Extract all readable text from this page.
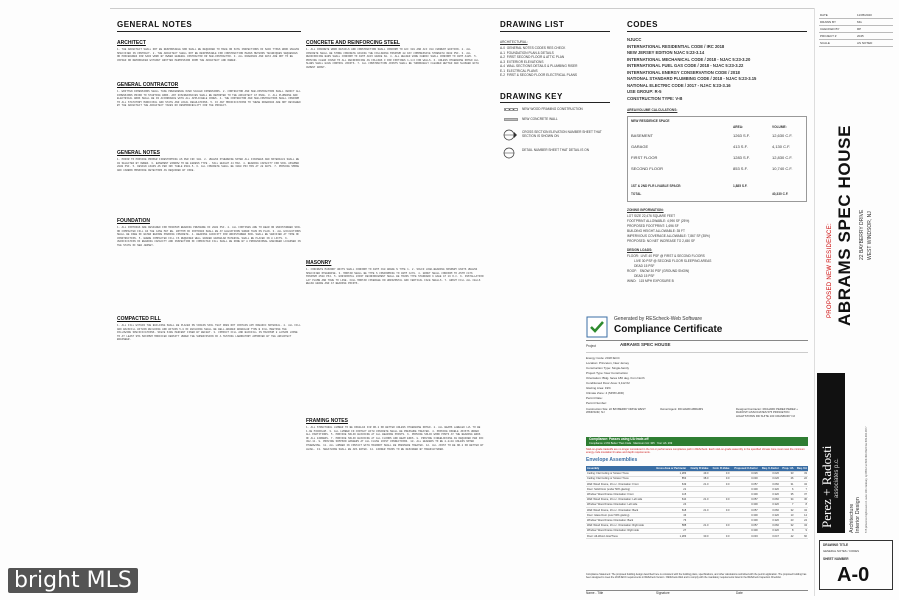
GENERAL NOTES
ARCHITECT
1. THE ARCHITECT SHALL NOT BE RESPONSIBLE NOR SHALL BE REQUIRED TO MAKE ON SITE INSPECTIONS OF SAID TYPES WORK UNLESS SPECIFIED IN CONTRACT. 2. THE ARCHITECT SHALL NOT BE RESPONSIBLE FOR CONSTRUCTION MEANS METHODS TECHNIQUES SEQUENCES OR PROCEDURES FOR SAID WORK BY OWNER GENERAL CONTRACTOR OR SUB-CONTRACTOR. 3. ALL DRAWINGS AND DATA ARE NOT TO BE COPIED OR REPRODUCED WITHOUT WRITTEN PERMISSION FROM THE ARCHITECT AND OWNER.
GENERAL CONTRACTOR
1. WRITTEN DIMENSIONS SHALL TAKE PREFERENCE OVER SCALED DIMENSIONS. 2. CONTRACTOR AND SUB-CONTRACTORS SHALL VERIFY ALL DIMENSIONS PRIOR TO STARTING WORK. ANY DISCREPANCIES SHALL BE REPORTED TO THE ARCHITECT AT ONCE. 3. ALL PLUMBING AND ELECTRICAL WORK SHALL BE IN ACCORDANCE WITH ALL APPLICABLE CODES. 4. THE CONTRACTOR AND SUB-CONTRACTORS SHALL CONFORM TO ALL STATUTORY MUNICIPAL AND STATE AND LOCAL REGULATIONS. 5. IF ANY MODIFICATIONS TO THESE DRAWINGS ARE NOT REVIEWED BY THE ARCHITECT THE ARCHITECT TAKES NO RESPONSIBILITY FOR THE PROJECT.
GENERAL NOTES
1. PRIOR TO PROVIDE PROPER FIRESTOPPING AS PER IRC 302. 2. UNLESS OTHERWISE NOTED ALL FINISHES AND MATERIALS SHALL BE AS SELECTED BY OWNER. 3. BASEMENT WINDOW TO BE EGRESS TYPE - SILL HEIGHT 44 MAX. 4. BEARING CAPACITY FOR SOIL ASSUMED 2000 PSF. 5. DESIGN LOADS AS PER IRC TABLE R301.5. 6. ALL CONCRETE SHALL BE 3000 PSI MIN AT 28 DAYS. 7. PROVIDE SMOKE AND CARBON MONOXIDE DETECTORS AS REQUIRED BY CODE.
FOUNDATION
1. ALL FOOTINGS ARE DESIGNED FOR MINIMUM BEARING PRESSURE OF 2000 PSF. 2. ALL FOOTINGS ARE TO BEAR ON UNDISTURBED SOIL OR COMPACTED FILL AS THE CASE MAY BE. BOTTOM OF FOOTINGS SHALL BE AT ELEVATIONS SHOWN THUS ON PLAN. 3. ALL EXCAVATIONS SHALL BE FREE OF WATER BEFORE POURING CONCRETE. 4. BEARING CAPACITY FOR UNDISTURBED SOIL SHALL BE VERIFIED AT TIME OF CONSTRUCTION. 5. WHERE COMPACTED FILL IS REQUIRED WELL GRADED GRANULAR MATERIAL SHALL BE PLACED IN 8 LIFTS. 6. VERIFICATION OF BEARING CAPACITY AND INSPECTION OF COMPACTED FILL SHALL BE DONE BY A PROFESSIONAL ENGINEER LICENSED IN THE STATE OF NEW JERSEY.
COMPACTED FILL
1. ALL FILL WITHIN THE BUILDING SHALL BE PLACED ON VIRGIN SOIL THAT DOES NOT CONTAIN ANY ORGANIC MATERIAL. 2. ALL FILL AND BACKFILL WITHIN BUILDING AND WITHIN 5-0 OF BUILDING SHALL BE WELL-GRADED GRANULAR TYPE B FILL MEETING THE FOLLOWING SPECIFICATIONS. SIEVE SIZE PERCENT FINER BY WEIGHT. 3. COMPACT FILL AND BACKFILL IN MAXIMUM 8 LAYERS LOOSE TO AT LEAST 95% MAXIMUM MODIFIED DENSITY UNDER THE SUPERVISION OF A TESTING LABORATORY APPROVED BY THE ARCHITECT ENGINEER.
CONCRETE AND REINFORCING STEEL
1. ALL CONCRETE WORK DETAILS AND CONSTRUCTION SHALL CONFORM TO ACI 301 AND ACI 318 CURRENT EDITION. 2. ALL CONCRETE SHALL BE STONE CONCRETE HAVING THE FOLLOWING MINIMUM 28 DAY COMPRESSIVE STRENGTH 3000 PSI. 3. ALL REINFORCING BARS SHALL CONFORM TO ASTM A615 GRADE 60. 4. ALL WELDED WIRE FABRIC SHALL CONFORM TO ASTM A185. 5. PROVIDE CLEAR COVER TO ALL REINFORCING AS FOLLOWS 3 FOR FOOTINGS 1-1/2 FOR WALLS. 6. UNLESS OTHERWISE NOTED ALL SLABS SHALL HAVE CONTROL JOINTS. 7. ALL CONSTRUCTION JOINTS SHALL BE THOROUGHLY CLEANED WETTED AND SLUSHED WITH CEMENT GROUT.
MASONRY
1. CONCRETE MASONRY UNITS SHALL CONFORM TO ASTM C90 GRADE N TYPE 1. 2. SOLID LOAD-BEARING MASONRY UNITS UNLESS SPECIFIED OTHERWISE. 3. MORTAR SHALL BE TYPE S CONFORMING TO ASTM C270. 4. GROUT SHALL CONFORM TO ASTM C476 MINIMUM 2500 PSI. 5. HORIZONTAL JOINT REINFORCEMENT SHALL BE TRUSS TYPE STANDARD 9 GAGE AT 16 O.C. 6. INSTALLATION LAY PLUMB AND TRUE TO LINE. FULL MORTAR COVERAGE ON HORIZONTAL AND VERTICAL FACE SHELLS. 7. GROUT FILL ALL CELLS BELOW GRADE AND AT BEARING POINTS.
FRAMING NOTES
1. ALL STRUCTURAL LUMBER TO BE DOUGLAS FIR NO.2 OR BETTER UNLESS OTHERWISE NOTED. 2. ALL BEAMS LABELED LVL TO BE 1.9E MICROLAM. 3. ALL LUMBER IN CONTACT WITH CONCRETE SHALL BE PRESSURE TREATED. 4. PROVIDE DOUBLE JOISTS UNDER ALL PARTITIONS. 5. PROVIDE SOLID BLOCKING AT ALL BEARING POINTS. 6. PROVIDE SOLID WOOD POSTS AT THE BEARING ENDS OF ALL GIRDERS. 7. PROVIDE SOLID BLOCKING AT ALL FLOORS AND BEAM ENDS. 8. PROVIDE FIREBLOCKING AS REQUIRED PER IRC 302.11. 9. PROVIDE SIMPSON HANGERS AT ALL FLUSH JOIST CONNECTIONS. 10. ALL HEADERS TO BE 2-2x10 UNLESS NOTED OTHERWISE. 11. ALL LUMBER IN CONTACT WITH MASONRY SHALL BE PRESSURE TREATED. 12. ALL JOIST TO BE NO.2 OR BETTER BY LEVEL. 13. SHEATHING SHALL BE APA RATED. 14. GIRDER TRUSS TO BE DESIGNED BY MANUFACTURER.
DRAWING LIST
ARCHITECTURAL:
A-0  GENERAL NOTES CODES RES CHECK
A-1  FOUNDATION PLAN & DETAILS
A-2  FIRST SECOND FLOOR & ATTIC PLAN
A-3  EXTERIOR ELEVATIONS
A-4  WALL SECTIONS DETAILS & PLUMBING RISER
E-1  ELECTRICAL PLANS
E-2  FIRST & SECOND FLOOR ELECTRICAL PLANS
DRAWING KEY
NEW WOOD FRAMING CONSTRUCTION
NEW CONCRETE WALL
CROSS SECTION ELEVATION NUMBER SHEET THAT SECTION IS SHOWN ON
DETAIL NUMBER SHEET THAT DETAIL IS ON
CODES
NJUCC
INTERNATIONAL RESIDENTIAL CODE / IRC 2018
NEW JERSEY EDITION NJAC 5:23-3.14
INTERNATIONAL MECHANICAL CODE / 2018 - NJAC 5:23-3.20
INTERNATIONAL FUEL GAS CODE / 2018 - NJAC 5:23-3.22
INTERNATIONAL ENERGY CONSERVATION CODE / 2018
NATIONAL STANDARD PLUMBING CODE / 2018 - NJAC 5:23-3.15
NATIONAL ELECTRIC CODE / 2017 - NJAC 5:23-3.16
USE GROUP: R-5
CONSTRUCTION TYPE: V-B
AREA/VOLUME CALCULATIONS:
NEW RESIDENCE SPACE
AREA:	VOLUME:
BASEMENT	1263 S.F.	12,630 C.F.
GARAGE	413 S.F.	4,130 C.F.
FIRST FLOOR	1283 S.F.	12,830 C.F.
SECOND FLOOR	853 S.F.	10,740 C.F.
1ST & 2ND FLR LIVABLE SPACE:	1,885 S.F.
TOTAL	40,330 C.F.
ZONING INFORMATION:
LOT SIZE 22,476 SQUARE FEET
FOOTPRINT ALLOWABLE: 4,990 SF (25%)
PROPOSED FOOTPRINT: 1,696 SF
BUILDING HEIGHT ALLOWABLE: 35 FT
IMPERVIOUS COVERAGE ALLOWABLE: 7,867 SF (35%)
PROPOSED: NO NET INCREASE TO 2,450 SF
DESIGN LOADS:
FLOOR:  LIVE 40 PSF @ FIRST & SECOND FLOORS
LIVE 30 PSF @ SECOND FLOOR SLEEPING AREAS
DEAD 15 PSF
ROOF:   SNOW 30 PSF (GROUND SNOW)
DEAD 15 PSF
WIND:   115 MPH EXPOSURE B
Generated by REScheck-Web Software
Compliance Certificate
Project	ABRAMS SPEC HOUSE
Energy Code: 2018 IECC
Location: Princeton, New Jersey
Construction Type: Single-family
Project Type: New Construction
Orientation: Bldg. faces 180 deg. from North
Conditioned Floor Area: 3,112 ft2
Glazing Area: 19%
Climate Zone: 4 (5458 HDD)
Permit Date:
Permit Number:
Construction Site: 22 BAYBERRY DRIVE WEST WINDSOR, NJ
Owner/Agent: RICHARD ABRAMS	Designer/Contractor: RICHARD PEREZ PEREZ + RADOSTI ASSOCIATES 575 PRINCETON HIGHTSTOWN RD SUITE 100 CRANBURY NJ
Compliance: Passes using UA trade-off
Compliance: 2.0% Better Than Code   Maximum UA: 305   Your UA: 299
Slab-on-grade tradeoffs are no longer considered in the UA or performance compliance path in REScheck. Each slab-on-grade assembly in the specified climate zone must meet the minimum energy code insulation R-value and depth requirements.
Envelope Assemblies
Assembly	Gross Area or Perimeter	Cavity R-Value	Cont. R-Value	Proposed U-Factor	Req. U-Factor	Prop. UA	Req. UA
Ceiling: Flat Ceiling or Scissor Truss	1,283	49.0	0.0	0.026	0.026	33	33
Ceiling: Flat Ceiling or Scissor Truss	853	38.0	0.0	0.030	0.026	26	22
Wall: Wood Frame, 16 o.c. Orientation: Front	649	21.0	0.0	0.057	0.060	31	34
Door: Solid Door (under 50% glazing)	21			0.300	0.320	6	7
Window: Wood Frame Orientation: Front	115			0.300	0.320	35	37
Wall: Wood Frame, 16 o.c. Orientation: Left side	644	21.0	0.0	0.057	0.060	34	36
Window: Wood Frame Orientation: Left side	24			0.300	0.320	7	8
Wall: Wood Frame, 16 o.c. Orientation: Back	618	21.0	0.0	0.057	0.060	32	34
Door: Glass Door (over 50% glazing)	43			0.300	0.320	13	14
Window: Wood Frame Orientation: Back	76			0.300	0.320	23	24
Wall: Wood Frame, 16 o.c. Orientation: Right side	588	21.0	0.0	0.057	0.060	32	34
Window: Wood Frame Orientation: Right side	27			0.300	0.320	8	9
Floor: All-Wood Joist/Truss	1,283	30.0	0.0	0.033	0.047	42	60
Compliance Statement: The proposed building design described here is consistent with the building plans, specifications, and other calculations submitted with the permit application. The proposed building has been designed to meet the 2018 IECC requirements in REScheck Version : REScheck-Web and to comply with the mandatory requirements listed in the REScheck Inspection Checklist.
Name - Title	Signature	Date
DATE	11/05/2020
DRAWN BY	MG
CHECKED BY	RP
PROJECT #	2045
SCALE	AS NOTED
PROPOSED NEW RESIDENCE: ABRAMS SPEC HOUSE 22 BAYBERRY DRIVE WEST WINDSOR, NJ
Perez + Radosti associates p.c.
Architecture
Interior Design 575 princeton hightstown rd. suite 100 cranbury, nj 08512 tel 609.490.0922 fax 609.490.0977
DRAWING TITLE
GENERAL NOTES / CODES
SHEET NUMBER
A-0
bright MLS
